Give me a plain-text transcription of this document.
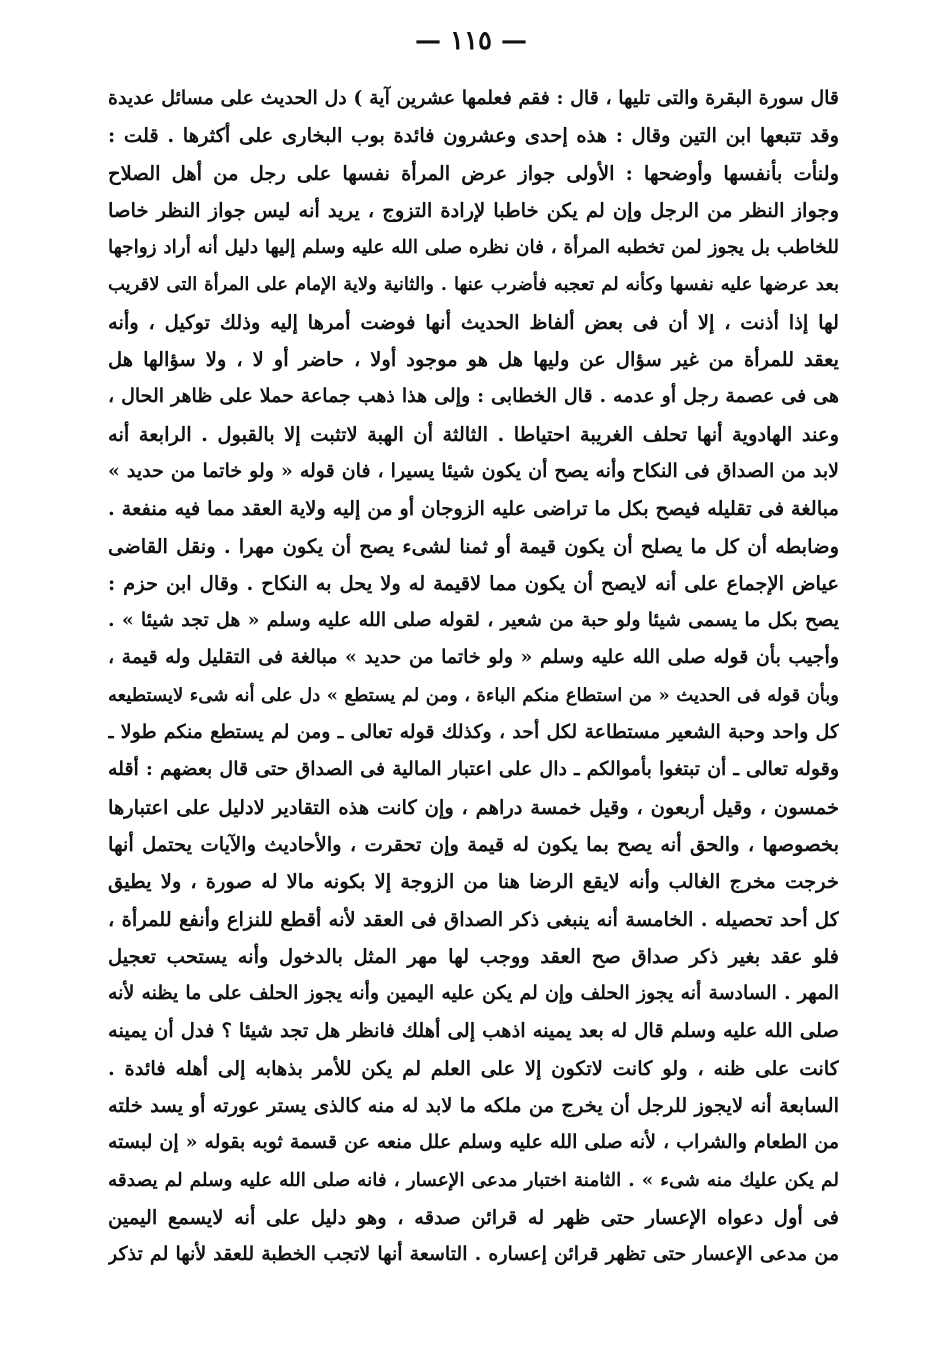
— ١١٥ —
قال سورة البقرة والتى تليها ، قال : فقم فعلمها عشرين آية ) دل الحديث على مسائل عديدة
وقد تتبعها ابن التين وقال : هذه إحدى وعشرون فائدة بوب البخارى على أكثرها . قلت :
ولنأت بأنفسها وأوضحها : الأولى جواز عرض المرأة نفسها على رجل من أهل الصلاح
وجواز النظر من الرجل وإن لم يكن خاطبا لإرادة التزوج ، يريد أنه ليس جواز النظر خاصا
للخاطب بل يجوز لمن تخطبه المرأة ، فان نظره صلى الله عليه وسلم إليها دليل أنه أراد زواجها
بعد عرضها عليه نفسها وكأنه لم تعجبه فأضرب عنها . والثانية ولاية الإمام على المرأة التى لاقريب
لها إذا أذنت ، إلا أن فى بعض ألفاظ الحديث أنها فوضت أمرها إليه وذلك توكيل ، وأنه
يعقد للمرأة من غير سؤال عن وليها هل هو موجود أولا ، حاضر أو لا ، ولا سؤالها هل
هى فى عصمة رجل أو عدمه . قال الخطابى : وإلى هذا ذهب جماعة حملا على ظاهر الحال ،
وعند الهادوية أنها تحلف الغريبة احتياطا . الثالثة أن الهبة لاتثبت إلا بالقبول . الرابعة أنه
لابد من الصداق فى النكاح وأنه يصح أن يكون شيئا يسيرا ، فان قوله « ولو خاتما من حديد »
مبالغة فى تقليله فيصح بكل ما تراضى عليه الزوجان أو من إليه ولاية العقد مما فيه منفعة .
وضابطه أن كل ما يصلح أن يكون قيمة أو ثمنا لشىء يصح أن يكون مهرا . ونقل القاضى
عياض الإجماع على أنه لايصح أن يكون مما لاقيمة له ولا يحل به النكاح . وقال ابن حزم :
يصح بكل ما يسمى شيئا ولو حبة من شعير ، لقوله صلى الله عليه وسلم « هل تجد شيئا » .
وأجيب بأن قوله صلى الله عليه وسلم « ولو خاتما من حديد » مبالغة فى التقليل وله قيمة ،
وبأن قوله فى الحديث « من استطاع منكم الباءة ، ومن لم يستطع » دل على أنه شىء لايستطيعه
كل واحد وحبة الشعير مستطاعة لكل أحد ، وكذلك قوله تعالى ـ ومن لم يستطع منكم طولا ـ
وقوله تعالى ـ أن تبتغوا بأموالكم ـ دال على اعتبار المالية فى الصداق حتى قال بعضهم : أقله
خمسون ، وقيل أربعون ، وقيل خمسة دراهم ، وإن كانت هذه التقادير لادليل على اعتبارها
بخصوصها ، والحق أنه يصح بما يكون له قيمة وإن تحقرت ، والأحاديث والآيات يحتمل أنها
خرجت مخرج الغالب وأنه لايقع الرضا هنا من الزوجة إلا بكونه مالا له صورة ، ولا يطيق
كل أحد تحصيله . الخامسة أنه ينبغى ذكر الصداق فى العقد لأنه أقطع للنزاع وأنفع للمرأة ،
فلو عقد بغير ذكر صداق صح العقد ووجب لها مهر المثل بالدخول وأنه يستحب تعجيل
المهر . السادسة أنه يجوز الحلف وإن لم يكن عليه اليمين وأنه يجوز الحلف على ما يظنه لأنه
صلى الله عليه وسلم قال له بعد يمينه اذهب إلى أهلك فانظر هل تجد شيئا ؟ فدل أن يمينه
كانت على ظنه ، ولو كانت لاتكون إلا على العلم لم يكن للأمر بذهابه إلى أهله فائدة .
السابعة أنه لايجوز للرجل أن يخرج من ملكه ما لابد له منه كالذى يستر عورته أو يسد خلته
من الطعام والشراب ، لأنه صلى الله عليه وسلم علل منعه عن قسمة ثوبه بقوله « إن لبسته
لم يكن عليك منه شىء » . الثامنة اختبار مدعى الإعسار ، فانه صلى الله عليه وسلم لم يصدقه
فى أول دعواه الإعسار حتى ظهر له قرائن صدقه ، وهو دليل على أنه لايسمع اليمين
من مدعى الإعسار حتى تظهر قرائن إعساره . التاسعة أنها لاتجب الخطبة للعقد لأنها لم تذكر
